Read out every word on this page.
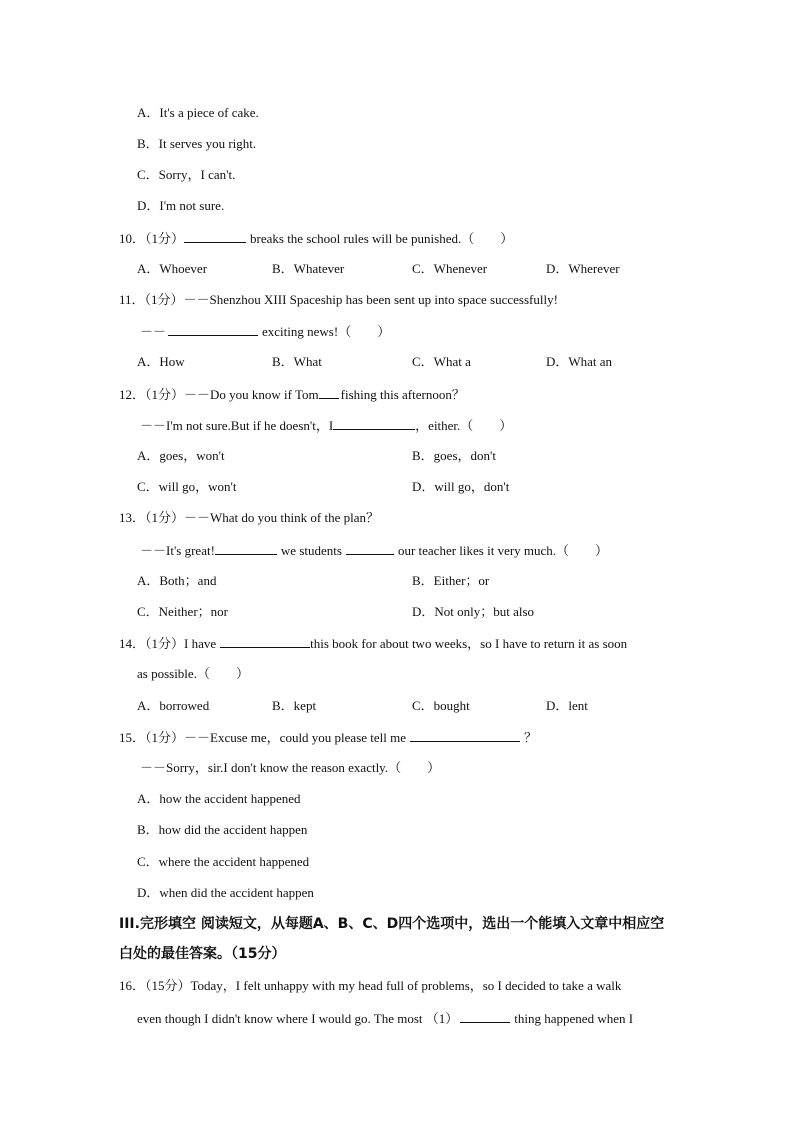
A．It's a piece of cake.
B．It serves you right.
C．Sorry，I can't.
D．I'm not sure.
10．（1分）	breaks the school rules will be punished.（　　）
A．Whoever	B．Whatever	C．Whenever	D．Wherever
11．（1分）－－Shenzhou XIII Spaceship has been sent up into space successfully!
－－	exciting news!（　　）
A．How	B．What	C．What a	D．What an
12．（1分）－－Do you know if Tom fishing this afternoon？
－－I'm not sure.But if he doesn't，I	，either.（　　）
A．goes，won't	B．goes，don't
C．will go，won't	D．will go，don't
13．（1分）－－What do you think of the plan？
－－It's great!	we students	our teacher likes it very much.（　　）
A．Both；and	B．Either；or
C．Neither；nor	D．Not only；but also
14．（1分）I have	this book for about two weeks，so I have to return it as soon
as possible.（　　）
A．borrowed	B．kept	C．bought	D．lent
15．（1分）－－Excuse me，could you please tell me	？
－－Sorry，sir.I don't know the reason exactly.（　　）
A．how the accident happened
B．how did the accident happen
C．where the accident happened
D．when did the accident happen
III.完形填空 阅读短文，从每题A、B、C、D四个选项中，选出一个能填入文章中相应空
白处的最佳答案。（15分）
16．（15分）Today，I felt unhappy with my head full of problems，so I decided to take a walk
even though I didn't know where I would go. The most （1）	thing happened when I
